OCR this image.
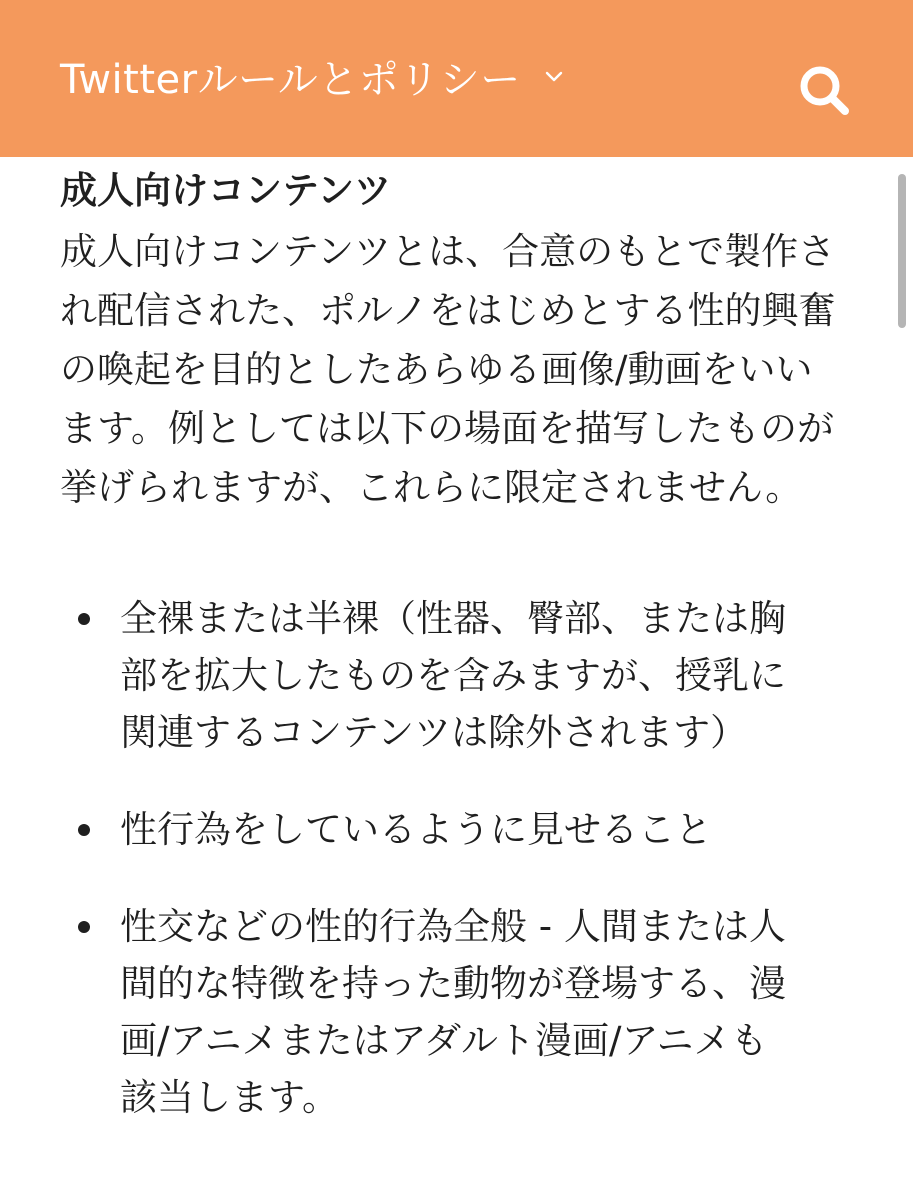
Twitterルールとポリシー
成人向けコンテンツ

成人向けコンテンツとは、合意のもとで製作され配信された、ポルノをはじめとする性的興奮の喚起を目的としたあらゆる画像/動画をいいます。例としては以下の場面を描写したものが挙げられますが、これらに限定されません。

全裸または半裸（性器、臀部、または胸部を拡大したものを含みますが、授乳に関連するコンテンツは除外されます）
性行為をしているように見せること
性交などの性的行為全般 - 人間または人間的な特徴を持った動物が登場する、漫画/アニメまたはアダルト漫画/アニメも該当します。
